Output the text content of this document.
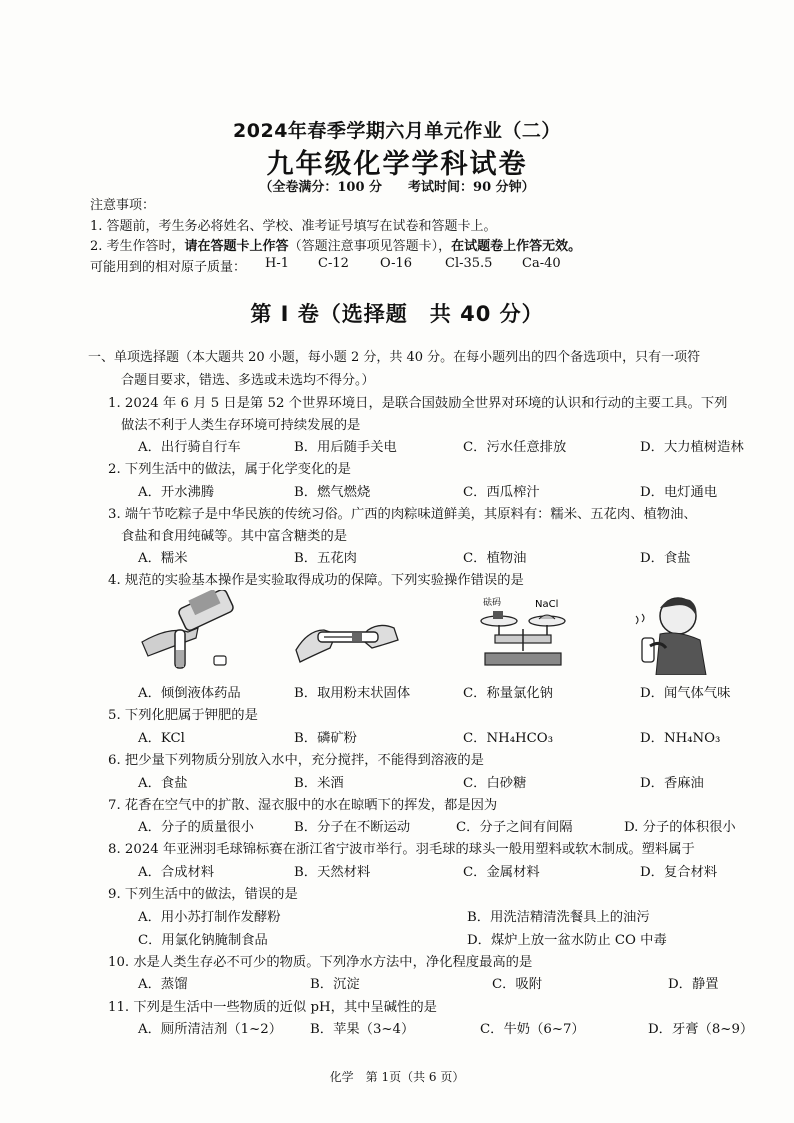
2024年春季学期六月单元作业（二）
九年级化学学科试卷
（全卷满分：100 分　　考试时间：90 分钟）
注意事项：
1. 答题前，考生务必将姓名、学校、准考证号填写在试卷和答题卡上。
2. 考生作答时，请在答题卡上作答（答题注意事项见答题卡），在试题卷上作答无效。
可能用到的相对原子质量： H-1 C-12 O-16	Cl-35.5 Ca-40
第 I 卷（选择题　共 40 分）
一、单项选择题（本大题共 20 小题，每小题 2 分，共 40 分。在每小题列出的四个备选项中，只有一项符
合题目要求，错选、多选或未选均不得分。）
1. 2024 年 6 月 5 日是第 52 个世界环境日，是联合国鼓励全世界对环境的认识和行动的主要工具。下列
做法不利于人类生存环境可持续发展的是
A．出行骑自行车	B．用后随手关电	C．污水任意排放	D．大力植树造林
2. 下列生活中的做法，属于化学变化的是
A．开水沸腾	B．燃气燃烧	C．西瓜榨汁	D．电灯通电
3. 端午节吃粽子是中华民族的传统习俗。广西的肉粽味道鲜美，其原料有：糯米、五花肉、植物油、
食盐和食用纯碱等。其中富含糖类的是
A．糯米	B．五花肉	C．植物油	D．食盐
4. 规范的实验基本操作是实验取得成功的保障。下列实验操作错误的是
砝码	NaCl
A．倾倒液体药品	B．取用粉末状固体	C．称量氯化钠	D．闻气体气味
5. 下列化肥属于钾肥的是
A．KCl	B．磷矿粉	C．NH₄HCO₃	D．NH₄NO₃
6. 把少量下列物质分别放入水中，充分搅拌，不能得到溶液的是
A．食盐	B．米酒	C．白砂糖	D．香麻油
7. 花香在空气中的扩散、湿衣服中的水在晾晒下的挥发，都是因为
A．分子的质量很小	B．分子在不断运动	C．分子之间有间隔	D. 分子的体积很小
8. 2024 年亚洲羽毛球锦标赛在浙江省宁波市举行。羽毛球的球头一般用塑料或软木制成。塑料属于
A．合成材料	B．天然材料	C．金属材料	D．复合材料
9. 下列生活中的做法，错误的是
A．用小苏打制作发酵粉	B．用洗洁精清洗餐具上的油污
C．用氯化钠腌制食品	D．煤炉上放一盆水防止 CO 中毒
10. 水是人类生存必不可少的物质。下列净水方法中，净化程度最高的是
A．蒸馏	B．沉淀	C．吸附	D．静置
11. 下列是生活中一些物质的近似 pH，其中呈碱性的是
A．厕所清洁剂（1~2） B．苹果（3~4）	C．牛奶（6~7）	D．牙膏（8~9）
化学　第 1页（共 6 页）
